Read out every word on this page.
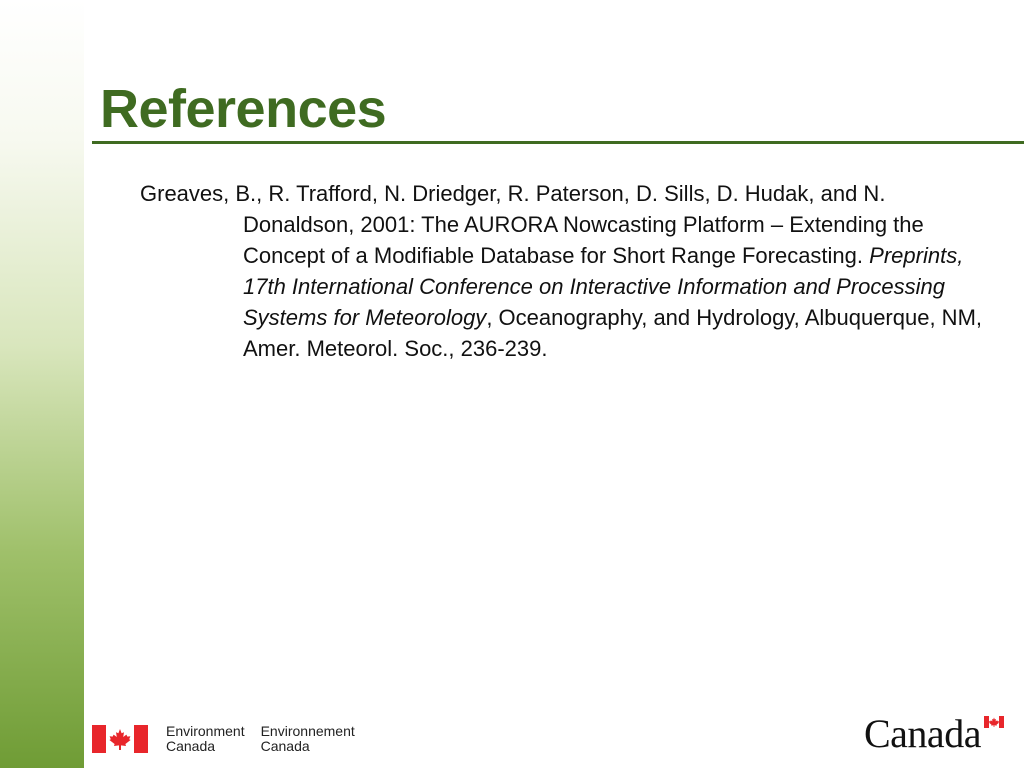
References

Greaves, B., R. Trafford, N. Driedger, R. Paterson, D. Sills, D. Hudak, and N. Donaldson, 2001: The AURORA Nowcasting Platform – Extending the Concept of a Modifiable Database for Short Range Forecasting. Preprints, 17th International Conference on Interactive Information and Processing Systems for Meteorology, Oceanography, and Hydrology, Albuquerque, NM, Amer. Meteorol. Soc., 236-239.

Environment
Canada
Environnement
Canada	Canada
